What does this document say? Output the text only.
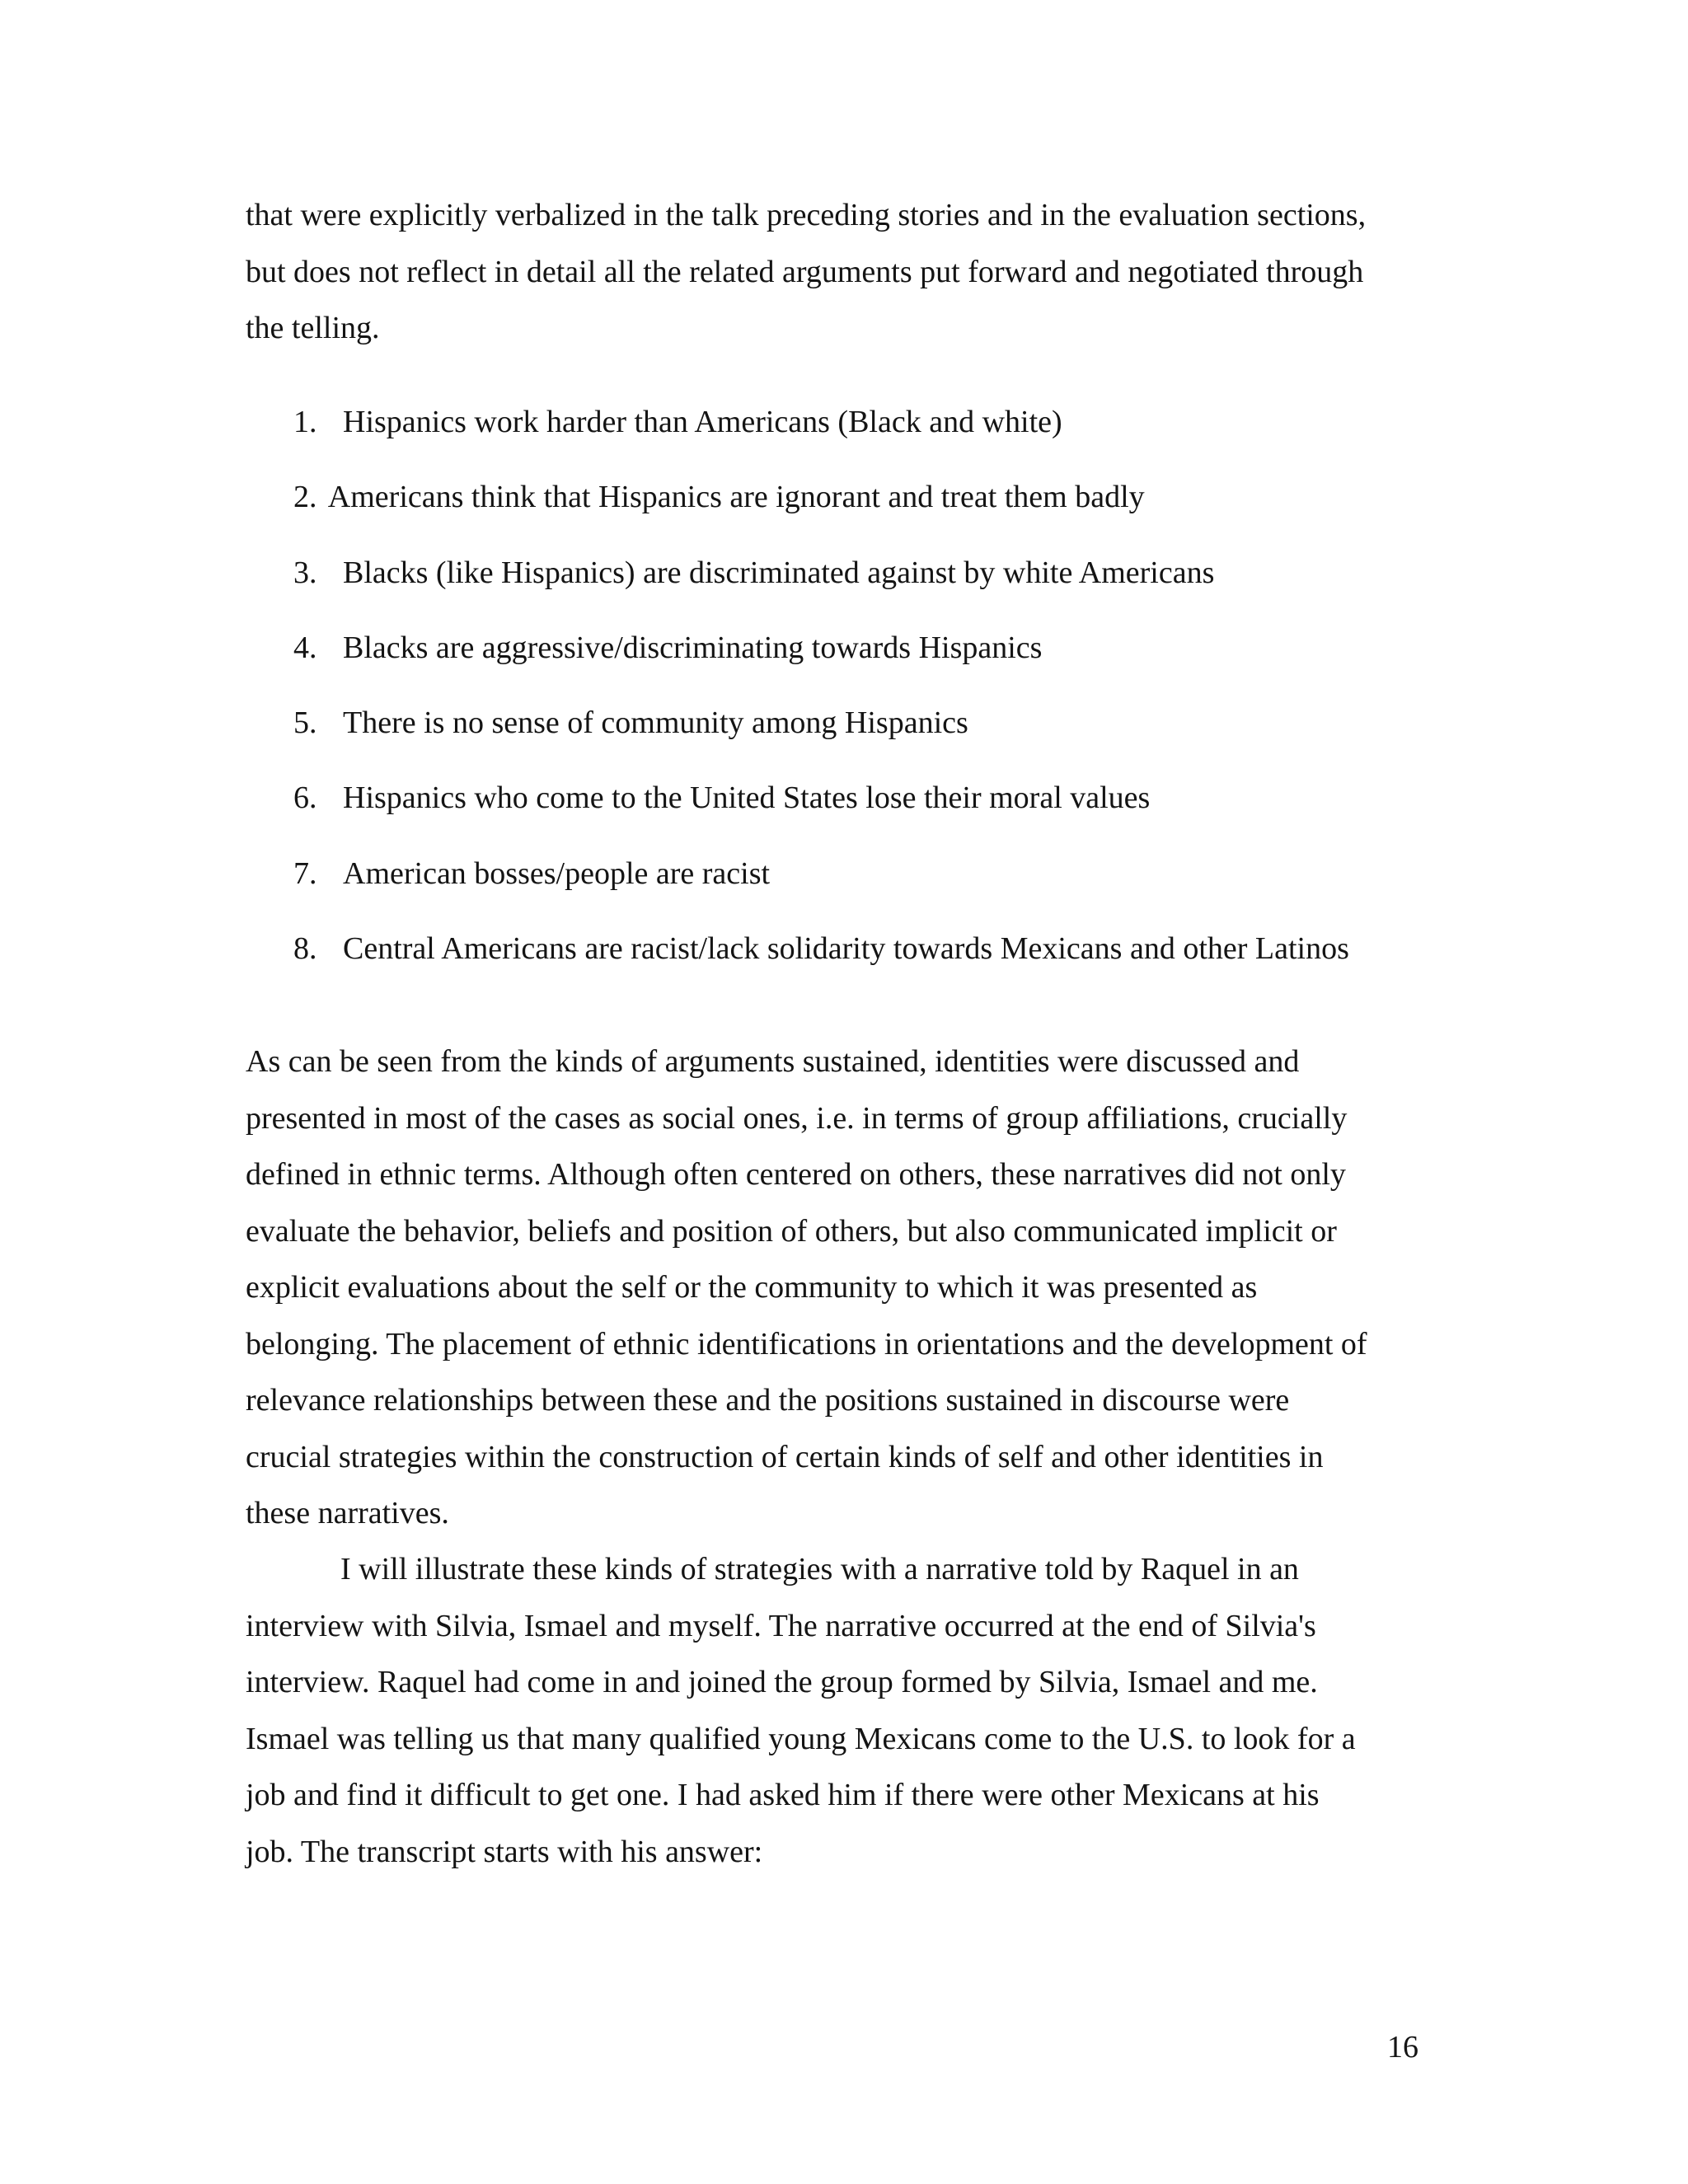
that were explicitly verbalized in the talk preceding stories and in the evaluation sections,
but does not reflect in detail all the related arguments put forward and negotiated through
the telling.

1. Hispanics work harder than Americans (Black and white)
2. Americans think that Hispanics are ignorant and treat them badly
3. Blacks (like Hispanics) are discriminated against by white Americans
4. Blacks are aggressive/discriminating towards Hispanics
5. There is no sense of community among Hispanics
6. Hispanics who come to the United States lose their moral values
7. American bosses/people are racist
8. Central Americans are racist/lack solidarity towards Mexicans and other Latinos

As can be seen from the kinds of arguments sustained, identities were discussed and
presented in most of the cases as social ones, i.e. in terms of group affiliations, crucially
defined in ethnic terms. Although often centered on others, these narratives did not only
evaluate the behavior, beliefs and position of others, but also communicated implicit or
explicit evaluations about the self or the community to which it was presented as
belonging. The placement of ethnic identifications in orientations and the development of
relevance relationships between these and the positions sustained in discourse were
crucial strategies within the construction of certain kinds of self and other identities in
these narratives.

I will illustrate these kinds of strategies with a narrative told by Raquel in an
interview with Silvia, Ismael and myself. The narrative occurred at the end of Silvia's
interview. Raquel had come in and joined the group formed by Silvia, Ismael and me.
Ismael was telling us that many qualified young Mexicans come to the U.S. to look for a
job and find it difficult to get one. I had asked him if there were other Mexicans at his
job. The transcript starts with his answer:

16
